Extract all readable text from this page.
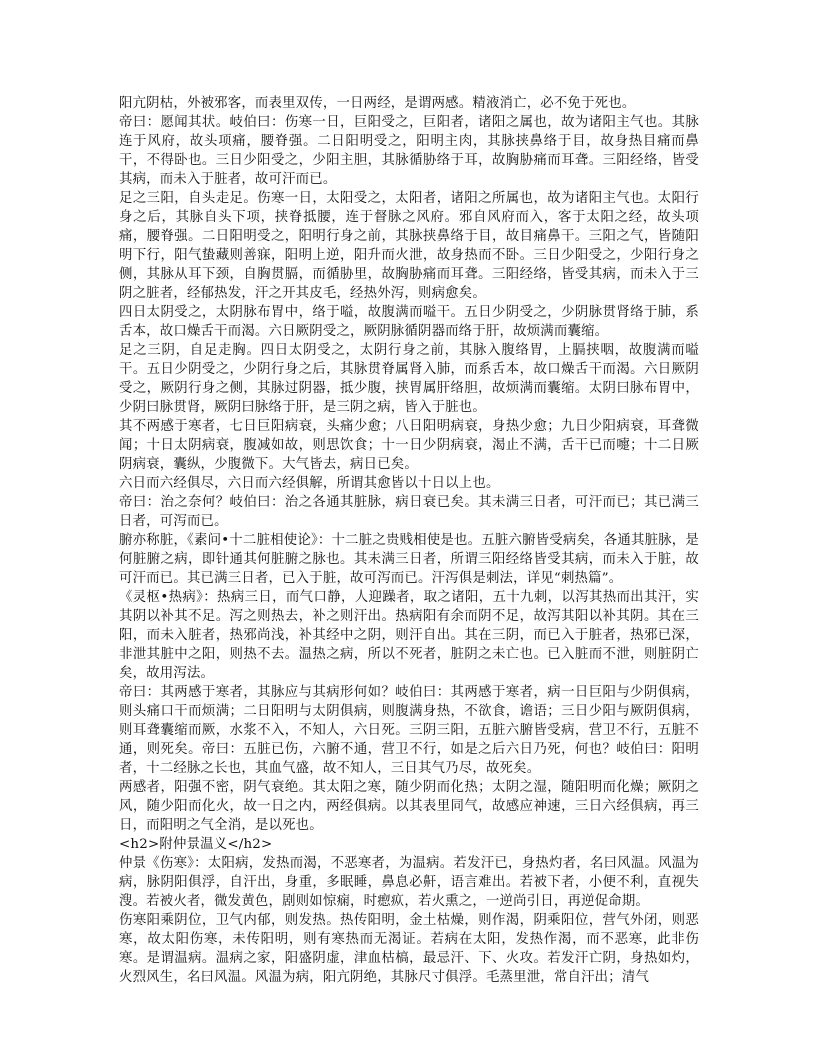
阳亢阴枯，外被邪客，而表里双传，一日两经，是谓两感。精液消亡，必不免于死也。

帝曰：愿闻其状。岐伯曰：伤寒一日，巨阳受之，巨阳者，诸阳之属也，故为诸阳主气也。其脉连于风府，故头项痛，腰脊强。二日阳明受之，阳明主肉，其脉挟鼻络于目，故身热目痛而鼻干，不得卧也。三日少阳受之，少阳主胆，其脉循胁络于耳，故胸胁痛而耳聋。三阳经络，皆受其病，而未入于脏者，故可汗而已。

足之三阳，自头走足。伤寒一日，太阳受之，太阳者，诸阳之所属也，故为诸阳主气也。太阳行身之后，其脉自头下项，挟脊抵腰，连于督脉之风府。邪自风府而入，客于太阳之经，故头项痛，腰脊强。二日阳明受之，阳明行身之前，其脉挟鼻络于目，故目痛鼻干。三阳之气，皆随阳明下行，阳气蛰藏则善寐，阳明上逆，阳升而火泄，故身热而不卧。三日少阳受之，少阳行身之侧，其脉从耳下颈，自胸贯膈，而循胁里，故胸胁痛而耳聋。三阳经络，皆受其病，而未入于三阴之脏者，经郁热发，汗之开其皮毛，经热外泻，则病愈矣。

四日太阴受之，太阴脉布胃中，络于嗌，故腹满而嗌干。五日少阴受之，少阴脉贯肾络于肺，系舌本，故口燥舌干而渴。六日厥阴受之，厥阴脉循阴器而络于肝，故烦满而囊缩。

足之三阴，自足走胸。四日太阴受之，太阴行身之前，其脉入腹络胃，上膈挟咽，故腹满而嗌干。五日少阴受之，少阴行身之后，其脉贯脊属肾入肺，而系舌本，故口燥舌干而渴。六日厥阴受之，厥阴行身之侧，其脉过阴器，抵少腹，挟胃属肝络胆，故烦满而囊缩。太阴曰脉布胃中，少阴曰脉贯肾，厥阴曰脉络于肝，是三阴之病，皆入于脏也。

其不两感于寒者，七日巨阳病衰，头痛少愈；八日阳明病衰，身热少愈；九日少阳病衰，耳聋微闻；十日太阴病衰，腹减如故，则思饮食；十一日少阴病衰，渴止不满，舌干已而嚏；十二日厥阴病衰，囊纵，少腹微下。大气皆去，病日已矣。

六日而六经俱尽，六日而六经俱解，所谓其愈皆以十日以上也。

帝曰：治之奈何？岐伯曰：治之各通其脏脉，病日衰已矣。其未满三日者，可汗而已；其已满三日者，可泻而已。

腑亦称脏，《素问•十二脏相使论》：十二脏之贵贱相使是也。五脏六腑皆受病矣，各通其脏脉，是何脏腑之病，即针通其何脏腑之脉也。其未满三日者，所谓三阳经络皆受其病，而未入于脏，故可汗而已。其已满三日者，已入于脏，故可泻而已。汗泻俱是刺法，详见“刺热篇”。

《灵枢•热病》：热病三日，而气口静，人迎躁者，取之诸阳，五十九刺，以泻其热而出其汗，实其阴以补其不足。泻之则热去，补之则汗出。热病阳有余而阴不足，故泻其阳以补其阴。其在三阳，而未入脏者，热邪尚浅，补其经中之阴，则汗自出。其在三阴，而已入于脏者，热邪已深，非泄其脏中之阳，则热不去。温热之病，所以不死者，脏阴之未亡也。已入脏而不泄，则脏阴亡矣，故用泻法。

帝曰：其两感于寒者，其脉应与其病形何如？岐伯曰：其两感于寒者，病一日巨阳与少阴俱病，则头痛口干而烦满；二日阳明与太阴俱病，则腹满身热，不欲食，谵语；三日少阳与厥阴俱病，则耳聋囊缩而厥，水浆不入，不知人，六日死。三阴三阳，五脏六腑皆受病，营卫不行，五脏不通，则死矣。帝曰：五脏已伤，六腑不通，营卫不行，如是之后六日乃死，何也？岐伯曰：阳明者，十二经脉之长也，其血气盛，故不知人，三日其气乃尽，故死矣。

两感者，阳强不密，阴气衰绝。其太阳之寒，随少阴而化热；太阴之湿，随阳明而化燥；厥阴之风，随少阳而化火，故一日之内，两经俱病。以其表里同气，故感应神速，三日六经俱病，再三日，而阳明之气全消，是以死也。

<h2>附仲景温义</h2>

仲景《伤寒》：太阳病，发热而渴，不恶寒者，为温病。若发汗已，身热灼者，名曰风温。风温为病，脉阴阳俱浮，自汗出，身重，多眠睡，鼻息必鼾，语言难出。若被下者，小便不利，直视失溲。若被火者，微发黄色，剧则如惊痫，时瘛疭，若火熏之，一逆尚引日，再逆促命期。

伤寒阳乘阴位，卫气内郁，则发热。热传阳明，金土枯燥，则作渴，阴乘阳位，营气外闭，则恶寒，故太阳伤寒，未传阳明，则有寒热而无渴证。若病在太阳，发热作渴，而不恶寒，此非伤寒。是谓温病。温病之家，阳盛阴虚，津血枯槁，最忌汗、下、火攻。若发汗亡阴，身热如灼，火烈风生，名曰风温。风温为病，阳亢阴绝，其脉尺寸俱浮。毛蒸里泄，常自汗出；清气
